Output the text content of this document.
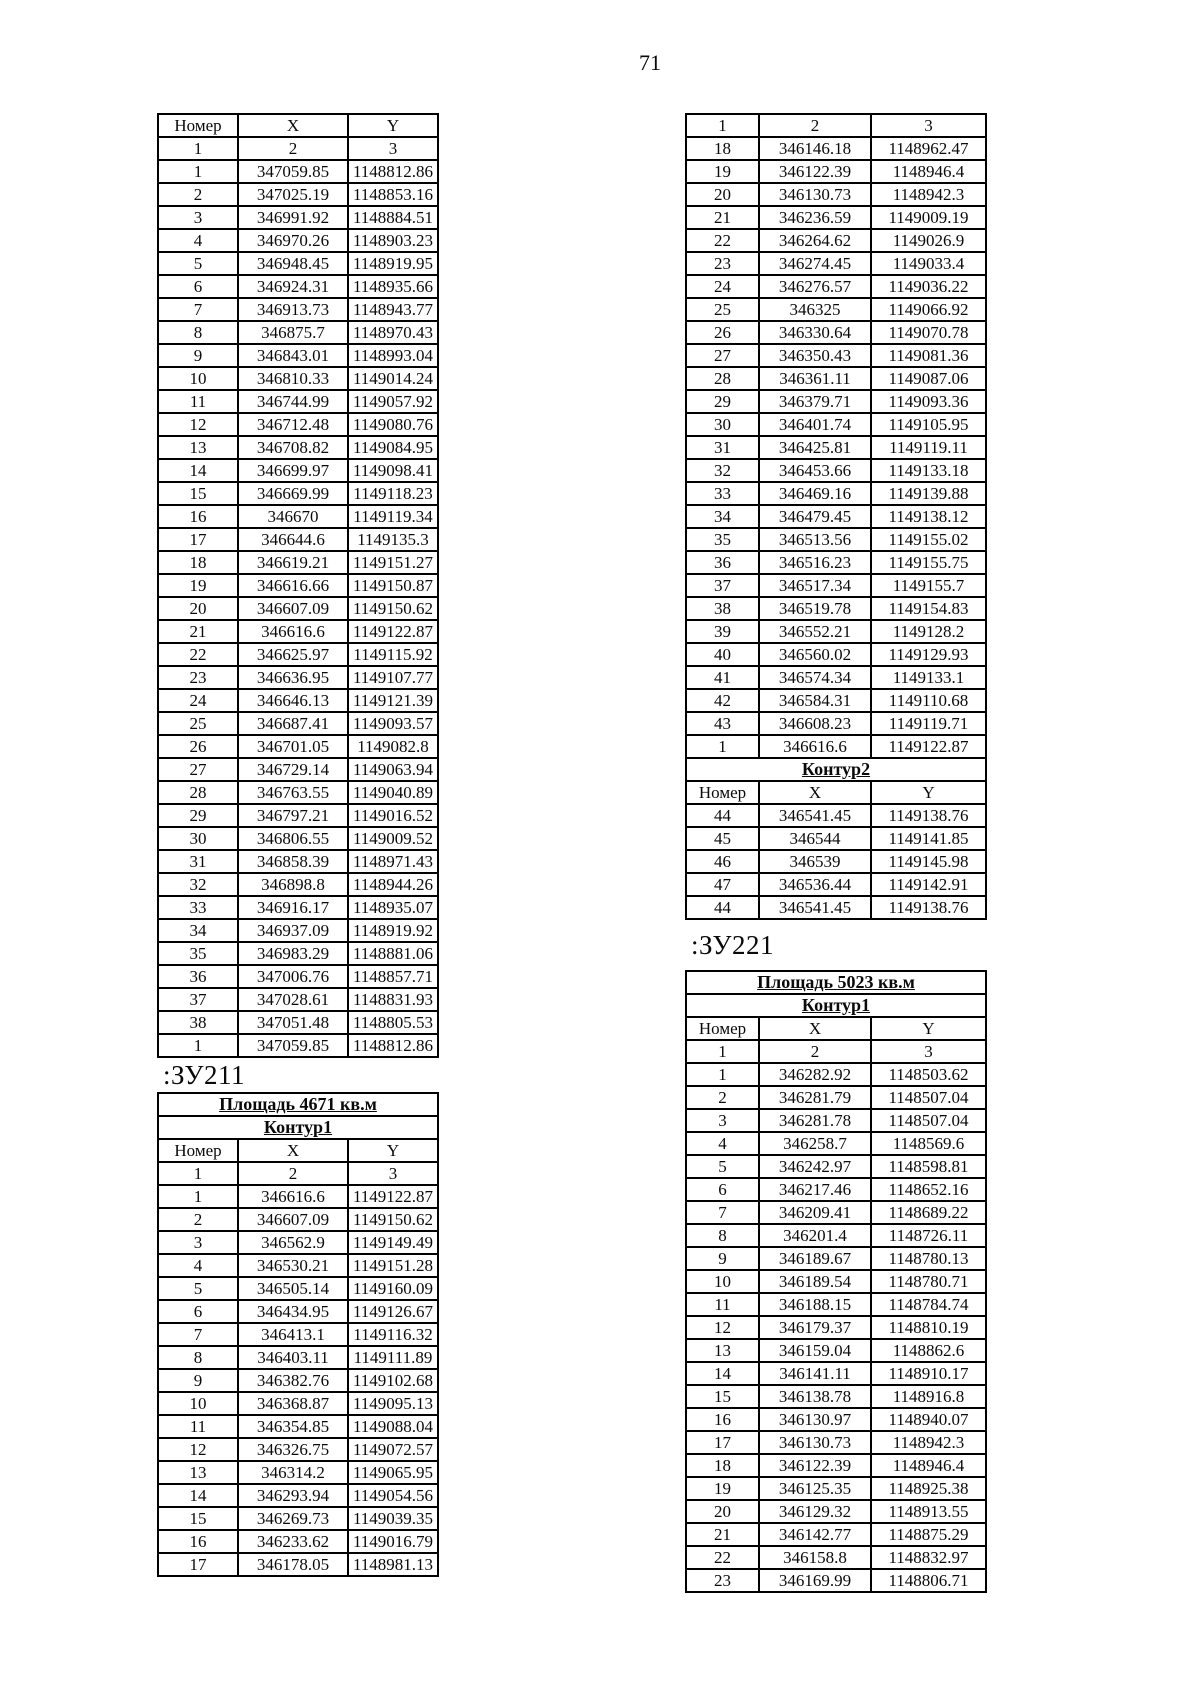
71
Номер	X	Y
1	2	3
1	347059.85	1148812.86
2	347025.19	1148853.16
3	346991.92	1148884.51
4	346970.26	1148903.23
5	346948.45	1148919.95
6	346924.31	1148935.66
7	346913.73	1148943.77
8	346875.7	1148970.43
9	346843.01	1148993.04
10	346810.33	1149014.24
11	346744.99	1149057.92
12	346712.48	1149080.76
13	346708.82	1149084.95
14	346699.97	1149098.41
15	346669.99	1149118.23
16	346670	1149119.34
17	346644.6	1149135.3
18	346619.21	1149151.27
19	346616.66	1149150.87
20	346607.09	1149150.62
21	346616.6	1149122.87
22	346625.97	1149115.92
23	346636.95	1149107.77
24	346646.13	1149121.39
25	346687.41	1149093.57
26	346701.05	1149082.8
27	346729.14	1149063.94
28	346763.55	1149040.89
29	346797.21	1149016.52
30	346806.55	1149009.52
31	346858.39	1148971.43
32	346898.8	1148944.26
33	346916.17	1148935.07
34	346937.09	1148919.92
35	346983.29	1148881.06
36	347006.76	1148857.71
37	347028.61	1148831.93
38	347051.48	1148805.53
1	347059.85	1148812.86
:ЗУ211
Площадь 4671 кв.м		
Контур1		
Номер	X	Y
1	2	3
1	346616.6	1149122.87
2	346607.09	1149150.62
3	346562.9	1149149.49
4	346530.21	1149151.28
5	346505.14	1149160.09
6	346434.95	1149126.67
7	346413.1	1149116.32
8	346403.11	1149111.89
9	346382.76	1149102.68
10	346368.87	1149095.13
11	346354.85	1149088.04
12	346326.75	1149072.57
13	346314.2	1149065.95
14	346293.94	1149054.56
15	346269.73	1149039.35
16	346233.62	1149016.79
17	346178.05	1148981.13
1	2	3
18	346146.18	1148962.47
19	346122.39	1148946.4
20	346130.73	1148942.3
21	346236.59	1149009.19
22	346264.62	1149026.9
23	346274.45	1149033.4
24	346276.57	1149036.22
25	346325	1149066.92
26	346330.64	1149070.78
27	346350.43	1149081.36
28	346361.11	1149087.06
29	346379.71	1149093.36
30	346401.74	1149105.95
31	346425.81	1149119.11
32	346453.66	1149133.18
33	346469.16	1149139.88
34	346479.45	1149138.12
35	346513.56	1149155.02
36	346516.23	1149155.75
37	346517.34	1149155.7
38	346519.78	1149154.83
39	346552.21	1149128.2
40	346560.02	1149129.93
41	346574.34	1149133.1
42	346584.31	1149110.68
43	346608.23	1149119.71
1	346616.6	1149122.87
Контур2		
Номер	X	Y
44	346541.45	1149138.76
45	346544	1149141.85
46	346539	1149145.98
47	346536.44	1149142.91
44	346541.45	1149138.76
:ЗУ221
Площадь 5023 кв.м		
Контур1		
Номер	X	Y
1	2	3
1	346282.92	1148503.62
2	346281.79	1148507.04
3	346281.78	1148507.04
4	346258.7	1148569.6
5	346242.97	1148598.81
6	346217.46	1148652.16
7	346209.41	1148689.22
8	346201.4	1148726.11
9	346189.67	1148780.13
10	346189.54	1148780.71
11	346188.15	1148784.74
12	346179.37	1148810.19
13	346159.04	1148862.6
14	346141.11	1148910.17
15	346138.78	1148916.8
16	346130.97	1148940.07
17	346130.73	1148942.3
18	346122.39	1148946.4
19	346125.35	1148925.38
20	346129.32	1148913.55
21	346142.77	1148875.29
22	346158.8	1148832.97
23	346169.99	1148806.71
